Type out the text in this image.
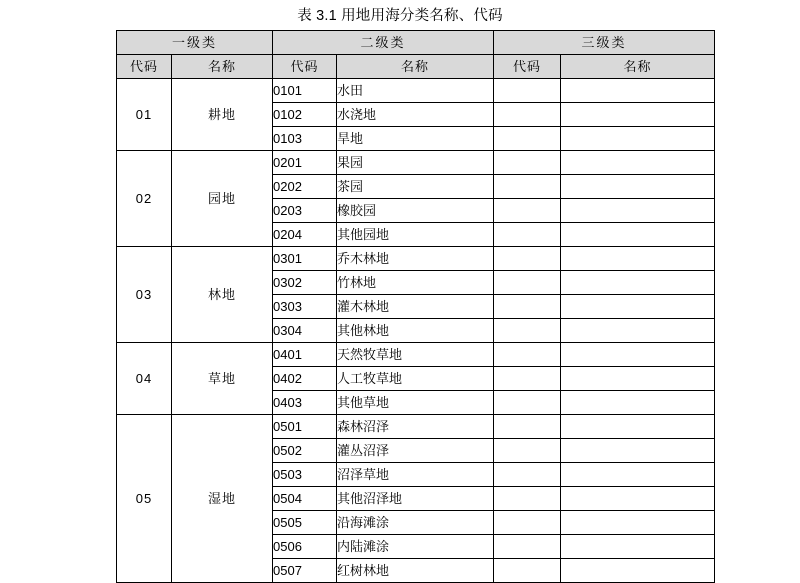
表 3.1 用地用海分类名称、代码
一级类		二级类		三级类	
代码	名称	代码	名称	代码	名称
01	耕地	0101	水田		
		0102	水浇地		
		0103	旱地		
02	园地	0201	果园		
		0202	茶园		
		0203	橡胶园		
		0204	其他园地		
03	林地	0301	乔木林地		
		0302	竹林地		
		0303	灌木林地		
		0304	其他林地		
04	草地	0401	天然牧草地		
		0402	人工牧草地		
		0403	其他草地		
05	湿地	0501	森林沼泽		
		0502	灌丛沼泽		
		0503	沼泽草地		
		0504	其他沼泽地		
		0505	沿海滩涂		
		0506	内陆滩涂		
		0507	红树林地		
